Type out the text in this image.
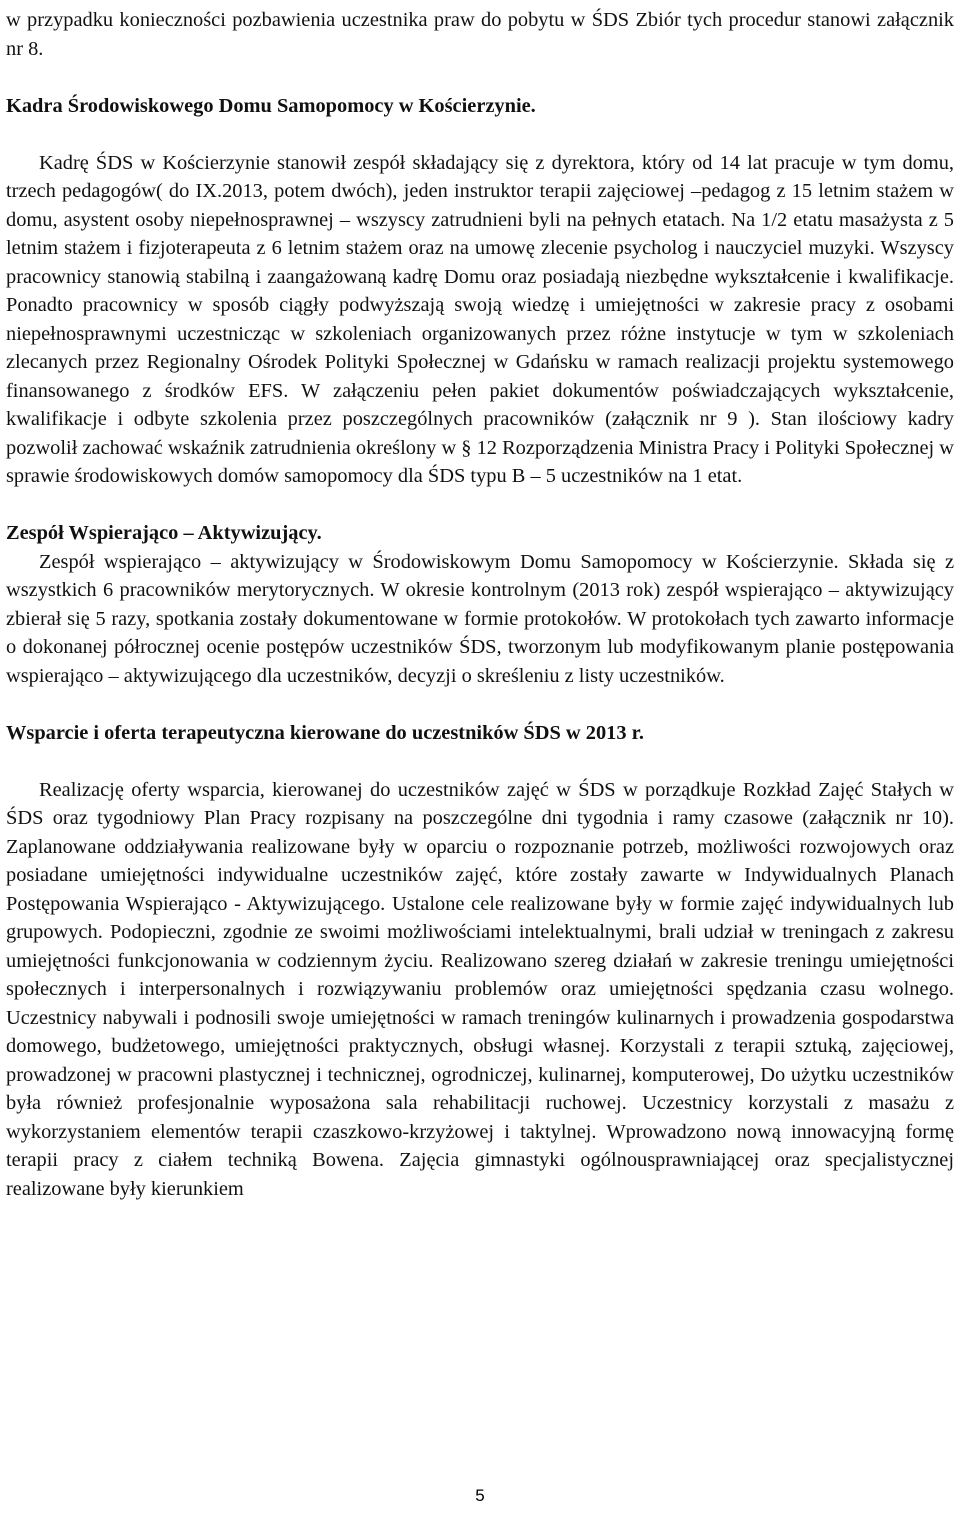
w przypadku konieczności pozbawienia uczestnika praw do pobytu w ŚDS Zbiór tych procedur stanowi załącznik nr 8.

Kadra Środowiskowego Domu Samopomocy w Kościerzynie.

Kadrę ŚDS w Kościerzynie stanowił zespół składający się z dyrektora, który od 14 lat pracuje w tym domu, trzech pedagogów( do IX.2013, potem dwóch), jeden instruktor terapii zajęciowej –pedagog z 15 letnim stażem w domu, asystent osoby niepełnosprawnej – wszyscy zatrudnieni byli na pełnych etatach. Na 1/2 etatu masażysta z 5 letnim stażem i fizjoterapeuta z 6 letnim stażem oraz na umowę zlecenie psycholog i nauczyciel muzyki. Wszyscy pracownicy stanowią stabilną i zaangażowaną kadrę Domu oraz posiadają niezbędne wykształcenie i kwalifikacje. Ponadto pracownicy w sposób ciągły podwyższają swoją wiedzę i umiejętności w zakresie pracy z osobami niepełnosprawnymi uczestnicząc w szkoleniach organizowanych przez różne instytucje w tym w szkoleniach zlecanych przez Regionalny Ośrodek Polityki Społecznej w Gdańsku w ramach realizacji projektu systemowego finansowanego z środków EFS. W załączeniu pełen pakiet dokumentów poświadczających wykształcenie, kwalifikacje i odbyte szkolenia przez poszczególnych pracowników (załącznik nr 9 ). Stan ilościowy kadry pozwolił zachować wskaźnik zatrudnienia określony w § 12 Rozporządzenia Ministra Pracy i Polityki Społecznej w sprawie środowiskowych domów samopomocy dla ŚDS typu B – 5 uczestników na 1 etat.

Zespół Wspierająco – Aktywizujący.

Zespół wspierająco – aktywizujący w Środowiskowym Domu Samopomocy w Kościerzynie. Składa się z wszystkich 6 pracowników merytorycznych. W okresie kontrolnym (2013 rok) zespół wspierająco – aktywizujący zbierał się 5 razy, spotkania zostały dokumentowane w formie protokołów. W protokołach tych zawarto informacje o dokonanej półrocznej ocenie postępów uczestników ŚDS, tworzonym lub modyfikowanym planie postępowania wspierająco – aktywizującego dla uczestników, decyzji o skreśleniu z listy uczestników.

Wsparcie i oferta terapeutyczna kierowane do uczestników ŚDS w 2013 r.

Realizację oferty wsparcia, kierowanej do uczestników zajęć w ŚDS w porządkuje Rozkład Zajęć Stałych w ŚDS oraz tygodniowy Plan Pracy rozpisany na poszczególne dni tygodnia i ramy czasowe (załącznik nr 10). Zaplanowane oddziaływania realizowane były w oparciu o rozpoznanie potrzeb, możliwości rozwojowych oraz posiadane umiejętności indywidualne uczestników zajęć, które zostały zawarte w Indywidualnych Planach Postępowania Wspierająco - Aktywizującego. Ustalone cele realizowane były w formie zajęć indywidualnych lub grupowych. Podopieczni, zgodnie ze swoimi możliwościami intelektualnymi, brali udział w treningach z zakresu umiejętności funkcjonowania w codziennym życiu. Realizowano szereg działań w zakresie treningu umiejętności społecznych i interpersonalnych i rozwiązywaniu problemów oraz umiejętności spędzania czasu wolnego. Uczestnicy nabywali i podnosili swoje umiejętności w ramach treningów kulinarnych i prowadzenia gospodarstwa domowego, budżetowego, umiejętności praktycznych, obsługi własnej. Korzystali z terapii sztuką, zajęciowej, prowadzonej w pracowni plastycznej i technicznej, ogrodniczej, kulinarnej, komputerowej, Do użytku uczestników była również profesjonalnie wyposażona sala rehabilitacji ruchowej. Uczestnicy korzystali z masażu z wykorzystaniem elementów terapii czaszkowo-krzyżowej i taktylnej. Wprowadzono nową innowacyjną formę terapii pracy z ciałem techniką Bowena. Zajęcia gimnastyki ogólnousprawniającej oraz specjalistycznej realizowane były kierunkiem

5
